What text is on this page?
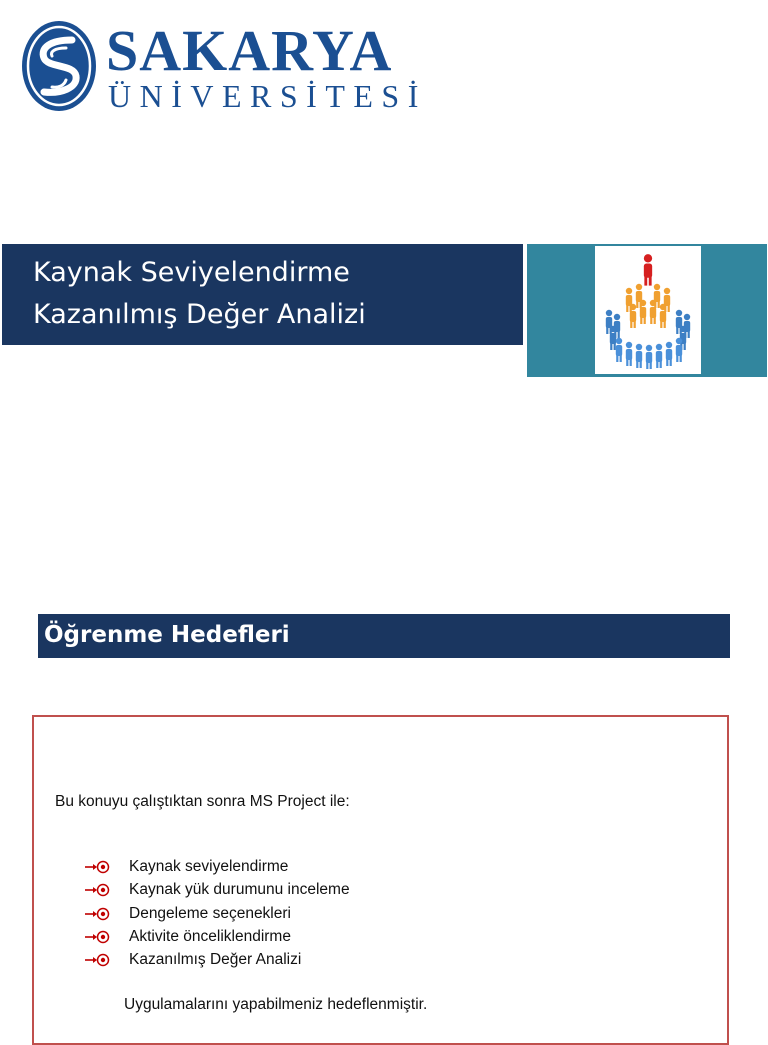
SAKARYA
ÜNİVERSİTESİ
Kaynak Seviyelendirme
Kazanılmış Değer Analizi
Öğrenme Hedefleri
Bu konuyu çalıştıktan sonra MS Project ile:
Kaynak seviyelendirme
Kaynak yük durumunu inceleme
Dengeleme seçenekleri
Aktivite önceliklendirme
Kazanılmış Değer Analizi
Uygulamalarını yapabilmeniz hedeflenmiştir.
